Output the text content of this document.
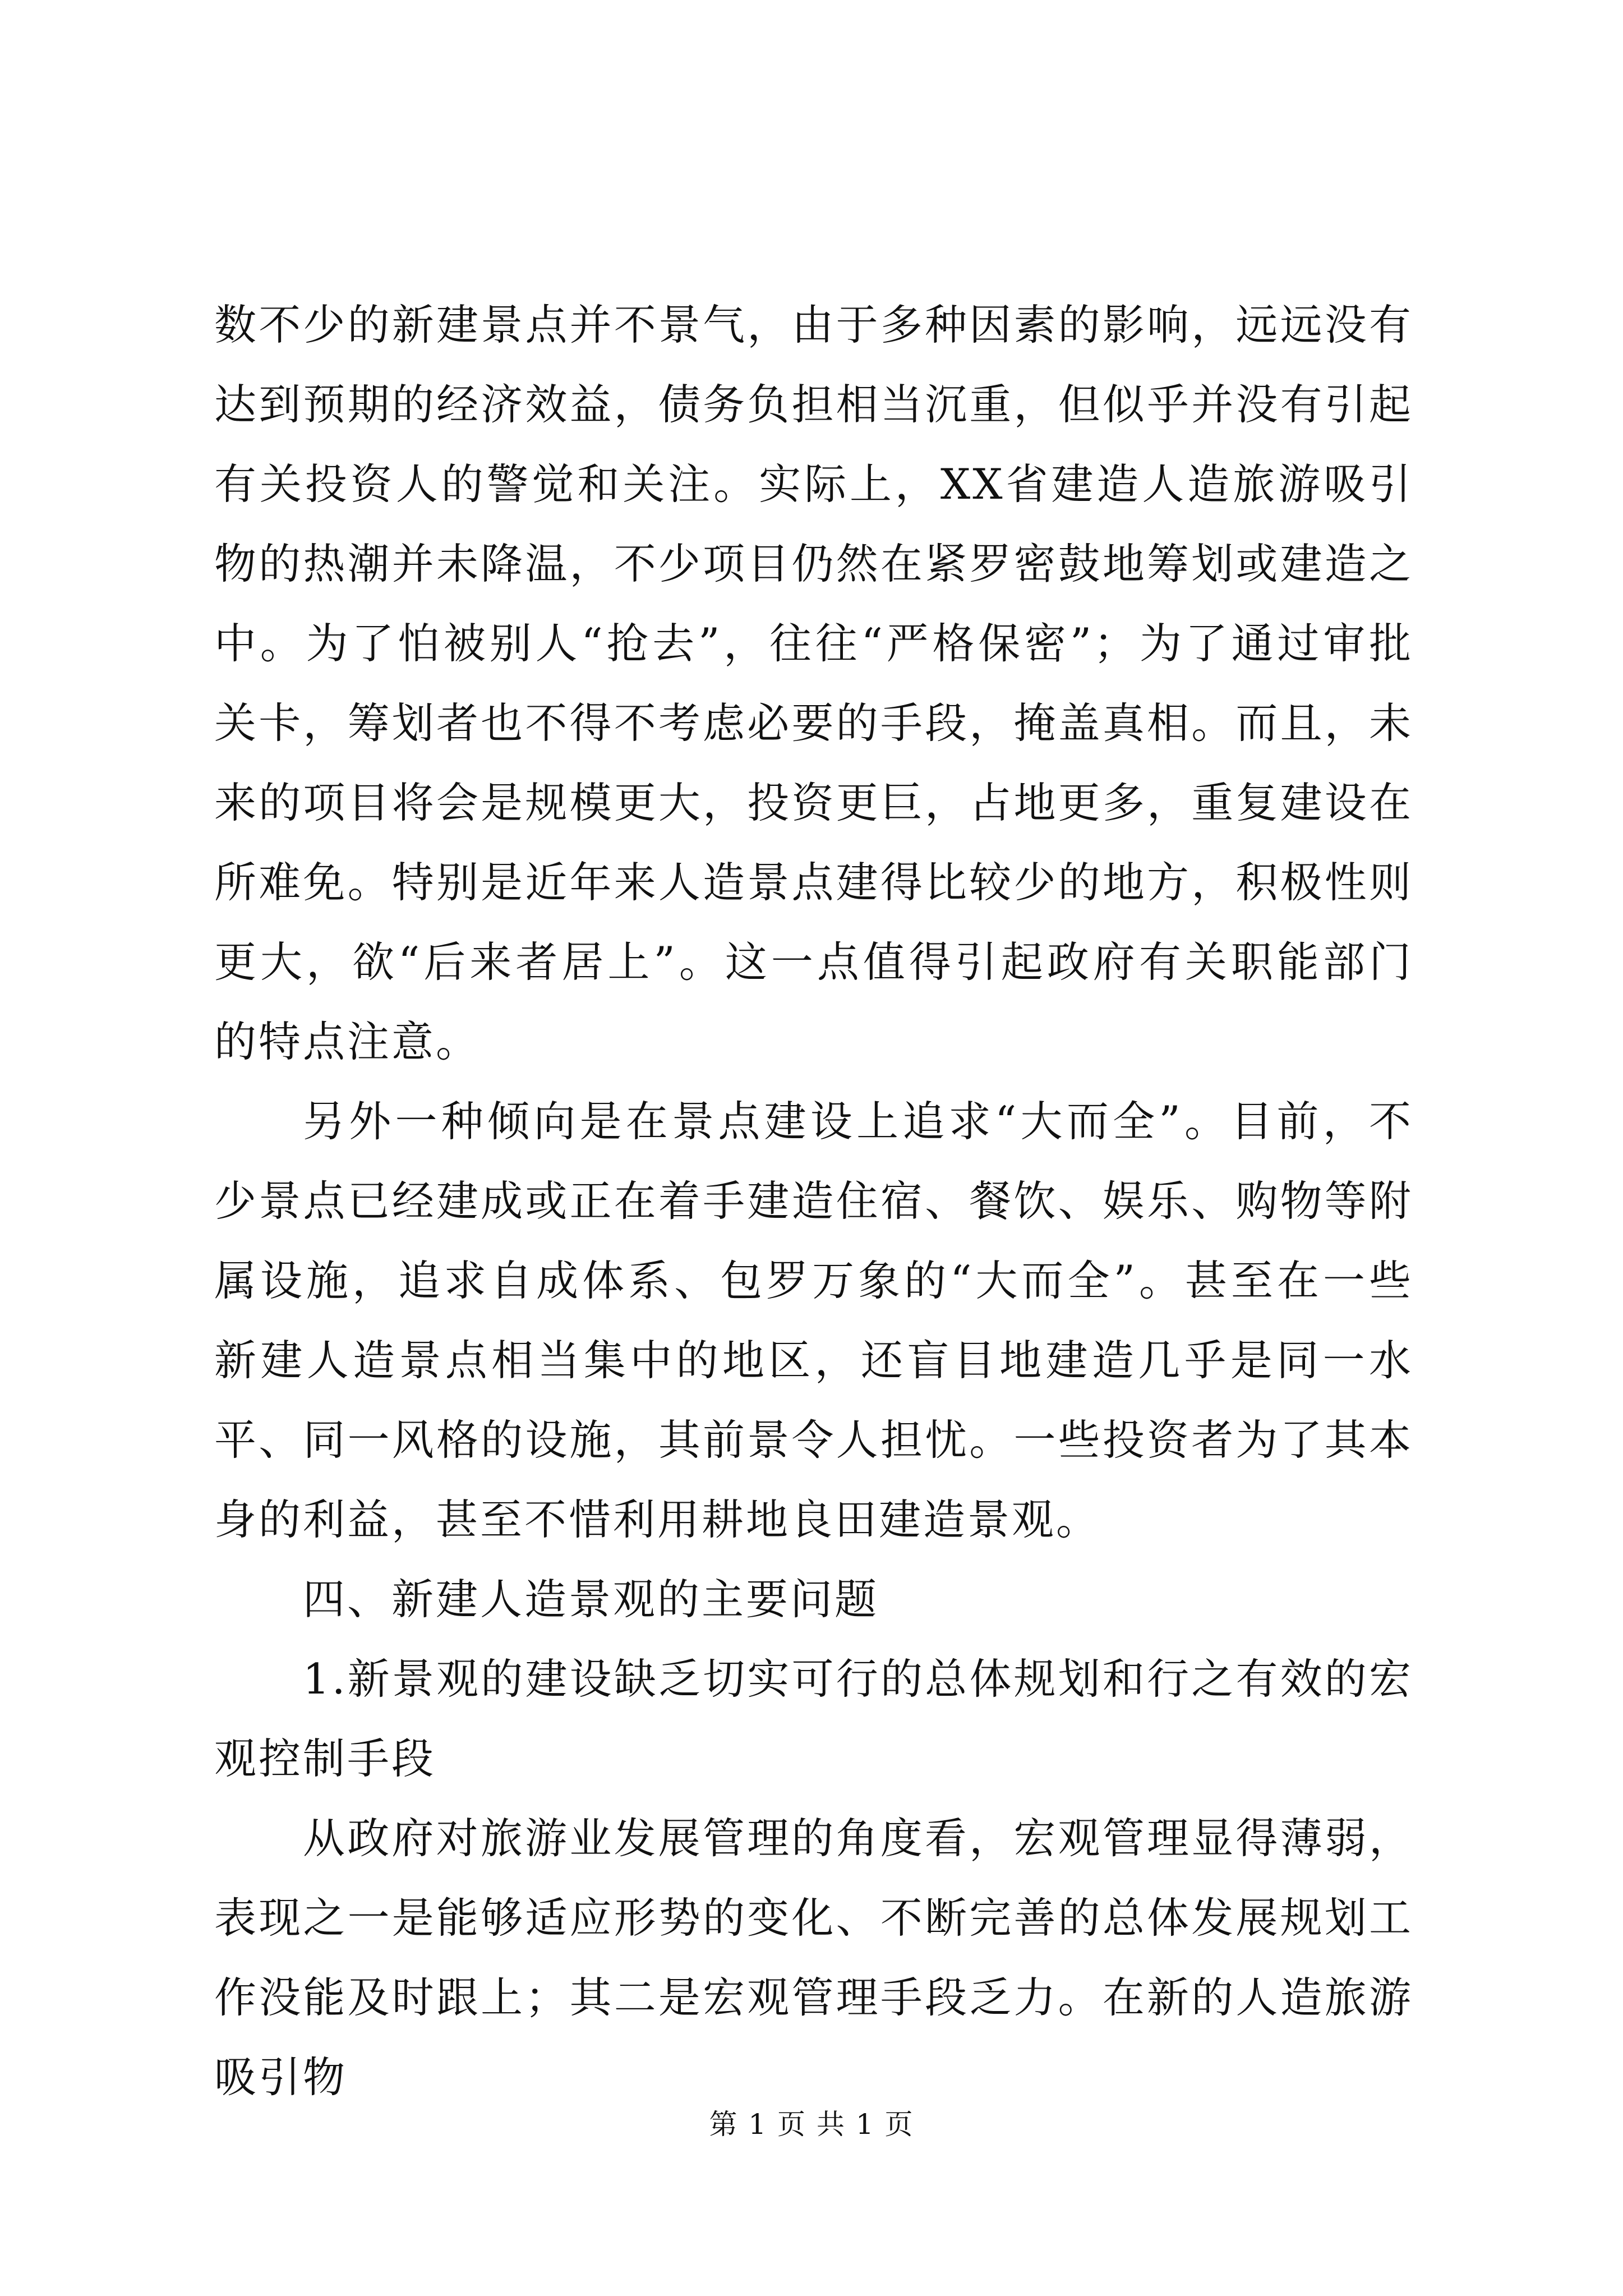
数不少的新建景点并不景气，由于多种因素的影响，远远没有达到预期的经济效益，债务负担相当沉重，但似乎并没有引起有关投资人的警觉和关注。实际上，XX省建造人造旅游吸引物的热潮并未降温，不少项目仍然在紧罗密鼓地筹划或建造之中。为了怕被别人“抢去”，往往“严格保密”；为了通过审批关卡，筹划者也不得不考虑必要的手段，掩盖真相。而且，未来的项目将会是规模更大，投资更巨，占地更多，重复建设在所难免。特别是近年来人造景点建得比较少的地方，积极性则更大，欲“后来者居上”。这一点值得引起政府有关职能部门的特点注意。

另外一种倾向是在景点建设上追求“大而全”。目前，不少景点已经建成或正在着手建造住宿、餐饮、娱乐、购物等附属设施，追求自成体系、包罗万象的“大而全”。甚至在一些新建人造景点相当集中的地区，还盲目地建造几乎是同一水平、同一风格的设施，其前景令人担忧。一些投资者为了其本身的利益，甚至不惜利用耕地良田建造景观。

四、新建人造景观的主要问题

1.新景观的建设缺乏切实可行的总体规划和行之有效的宏观控制手段

从政府对旅游业发展管理的角度看，宏观管理显得薄弱，表现之一是能够适应形势的变化、不断完善的总体发展规划工作没能及时跟上；其二是宏观管理手段乏力。在新的人造旅游吸引物

第 1 页 共 1 页
